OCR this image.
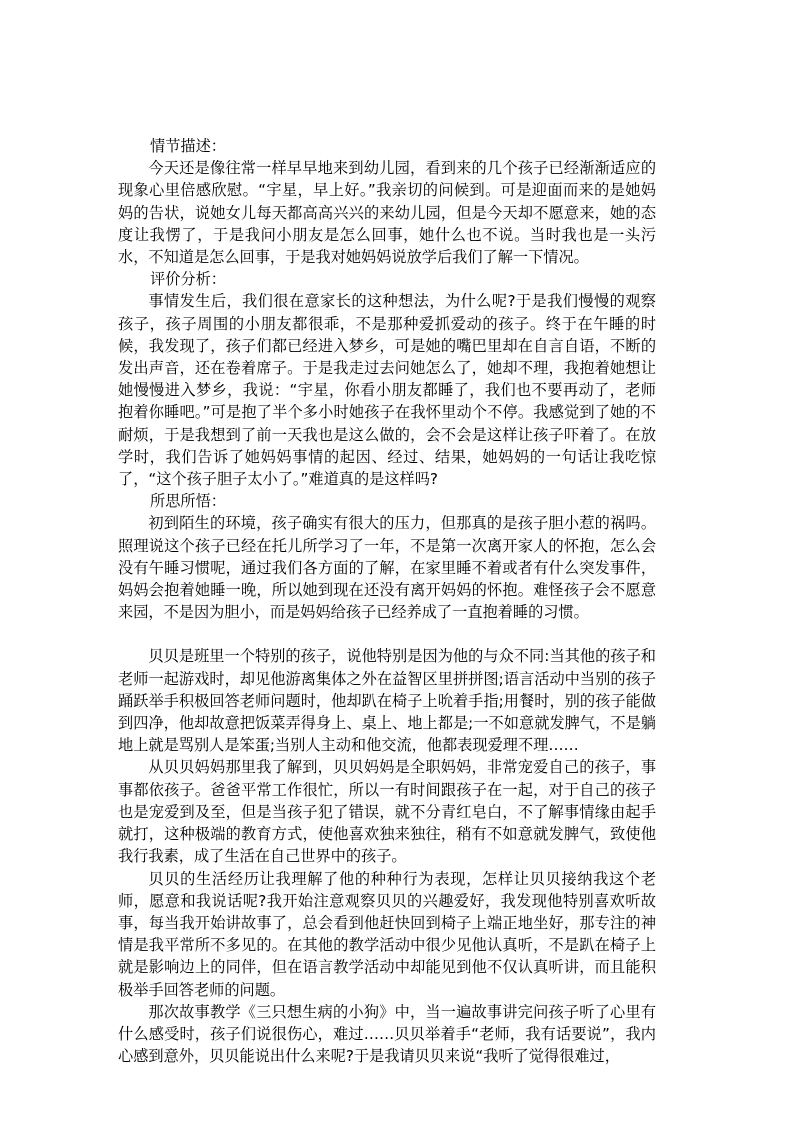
情节描述：

今天还是像往常一样早早地来到幼儿园，看到来的几个孩子已经渐渐适应的现象心里倍感欣慰。“宇星，早上好。”我亲切的问候到。可是迎面而来的是她妈妈的告状，说她女儿每天都高高兴兴的来幼儿园，但是今天却不愿意来，她的态度让我愣了，于是我问小朋友是怎么回事，她什么也不说。当时我也是一头污水，不知道是怎么回事，于是我对她妈妈说放学后我们了解一下情况。

评价分析：

事情发生后，我们很在意家长的这种想法，为什么呢?于是我们慢慢的观察孩子，孩子周围的小朋友都很乖，不是那种爱抓爱动的孩子。终于在午睡的时候，我发现了，孩子们都已经进入梦乡，可是她的嘴巴里却在自言自语，不断的发出声音，还在卷着席子。于是我走过去问她怎么了，她却不理，我抱着她想让她慢慢进入梦乡，我说：“宇星，你看小朋友都睡了，我们也不要再动了，老师抱着你睡吧。”可是抱了半个多小时她孩子在我怀里动个不停。我感觉到了她的不耐烦，于是我想到了前一天我也是这么做的，会不会是这样让孩子吓着了。在放学时，我们告诉了她妈妈事情的起因、经过、结果，她妈妈的一句话让我吃惊了，“这个孩子胆子太小了。”难道真的是这样吗?

所思所悟：

初到陌生的环境，孩子确实有很大的压力，但那真的是孩子胆小惹的祸吗。照理说这个孩子已经在托儿所学习了一年，不是第一次离开家人的怀抱，怎么会没有午睡习惯呢，通过我们各方面的了解，在家里睡不着或者有什么突发事件，妈妈会抱着她睡一晚，所以她到现在还没有离开妈妈的怀抱。难怪孩子会不愿意来园，不是因为胆小，而是妈妈给孩子已经养成了一直抱着睡的习惯。

贝贝是班里一个特别的孩子，说他特别是因为他的与众不同:当其他的孩子和老师一起游戏时，却见他游离集体之外在益智区里拼拼图;语言活动中当别的孩子踊跃举手积极回答老师问题时，他却趴在椅子上吮着手指;用餐时，别的孩子能做到四净，他却故意把饭菜弄得身上、桌上、地上都是;一不如意就发脾气，不是躺地上就是骂别人是笨蛋;当别人主动和他交流，他都表现爱理不理……

从贝贝妈妈那里我了解到，贝贝妈妈是全职妈妈，非常宠爱自己的孩子，事事都依孩子。爸爸平常工作很忙，所以一有时间跟孩子在一起，对于自己的孩子也是宠爱到及至，但是当孩子犯了错误，就不分青红皂白，不了解事情缘由起手就打，这种极端的教育方式，使他喜欢独来独往，稍有不如意就发脾气，致使他我行我素，成了生活在自己世界中的孩子。

贝贝的生活经历让我理解了他的种种行为表现，怎样让贝贝接纳我这个老师，愿意和我说话呢?我开始注意观察贝贝的兴趣爱好，我发现他特别喜欢听故事，每当我开始讲故事了，总会看到他赶快回到椅子上端正地坐好，那专注的神情是我平常所不多见的。在其他的教学活动中很少见他认真听，不是趴在椅子上就是影响边上的同伴，但在语言教学活动中却能见到他不仅认真听讲，而且能积极举手回答老师的问题。

那次故事教学《三只想生病的小狗》中，当一遍故事讲完问孩子听了心里有什么感受时，孩子们说很伤心，难过……贝贝举着手“老师，我有话要说”，我内心感到意外，贝贝能说出什么来呢?于是我请贝贝来说“我听了觉得很难过，
